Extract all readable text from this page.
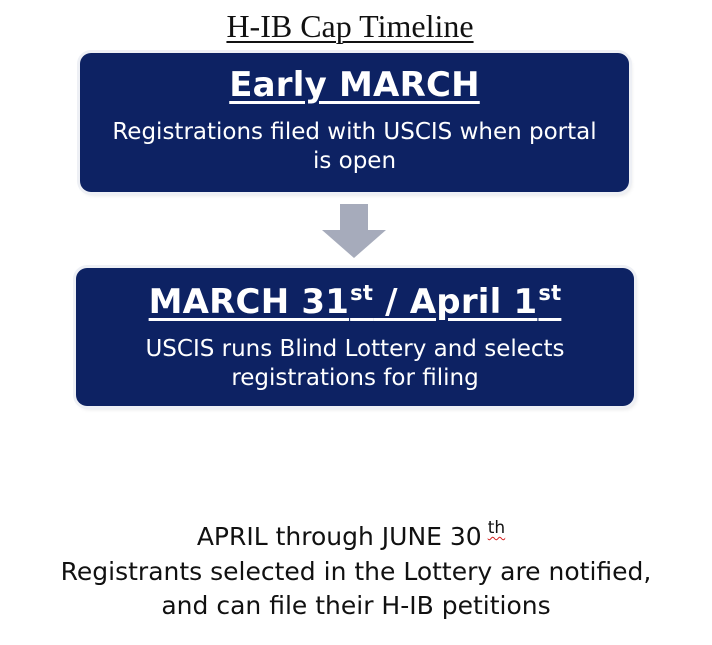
H-IB Cap Timeline
Early MARCH
Registrations filed with USCIS when portal is open
MARCH 31st / April 1st
USCIS runs Blind Lottery and selects registrations for filing
APRIL through JUNE 30 $^{th}$
Registrants selected in the Lottery are notified,
and can file their H-IB petitions
